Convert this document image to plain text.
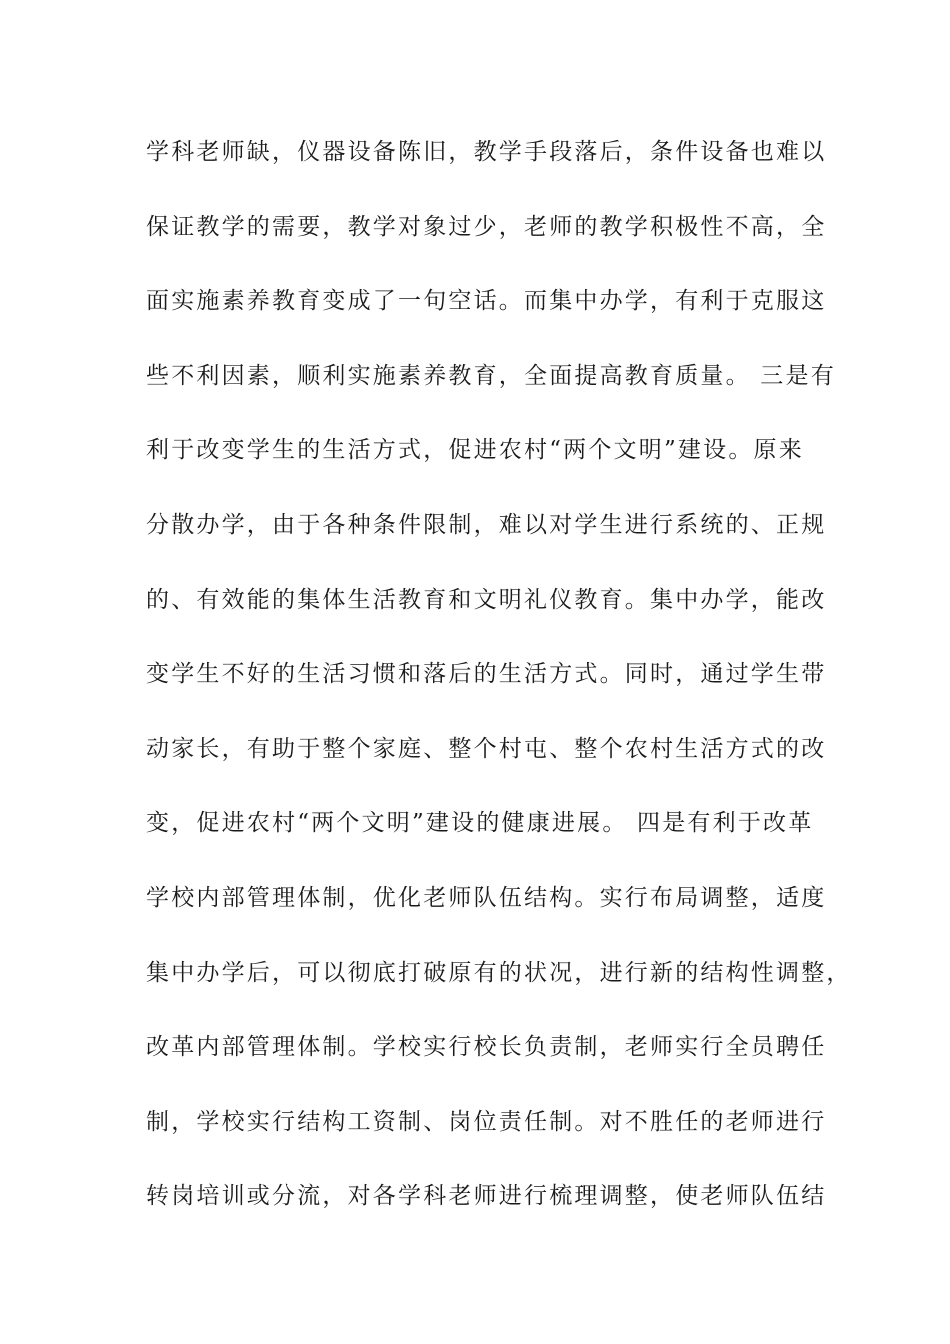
学科老师缺，仪器设备陈旧，教学手段落后，条件设备也难以
保证教学的需要，教学对象过少，老师的教学积极性不高，全
面实施素养教育变成了一句空话。而集中办学，有利于克服这
些不利因素，顺利实施素养教育，全面提高教育质量。 三是有
利于改变学生的生活方式，促进农村“两个文明”建设。原来
分散办学，由于各种条件限制，难以对学生进行系统的、正规
的、有效能的集体生活教育和文明礼仪教育。集中办学，能改
变学生不好的生活习惯和落后的生活方式。同时，通过学生带
动家长，有助于整个家庭、整个村屯、整个农村生活方式的改
变，促进农村“两个文明”建设的健康进展。 四是有利于改革
学校内部管理体制，优化老师队伍结构。实行布局调整，适度
集中办学后，可以彻底打破原有的状况，进行新的结构性调整，
改革内部管理体制。学校实行校长负责制，老师实行全员聘任
制，学校实行结构工资制、岗位责任制。对不胜任的老师进行
转岗培训或分流，对各学科老师进行梳理调整，使老师队伍结
